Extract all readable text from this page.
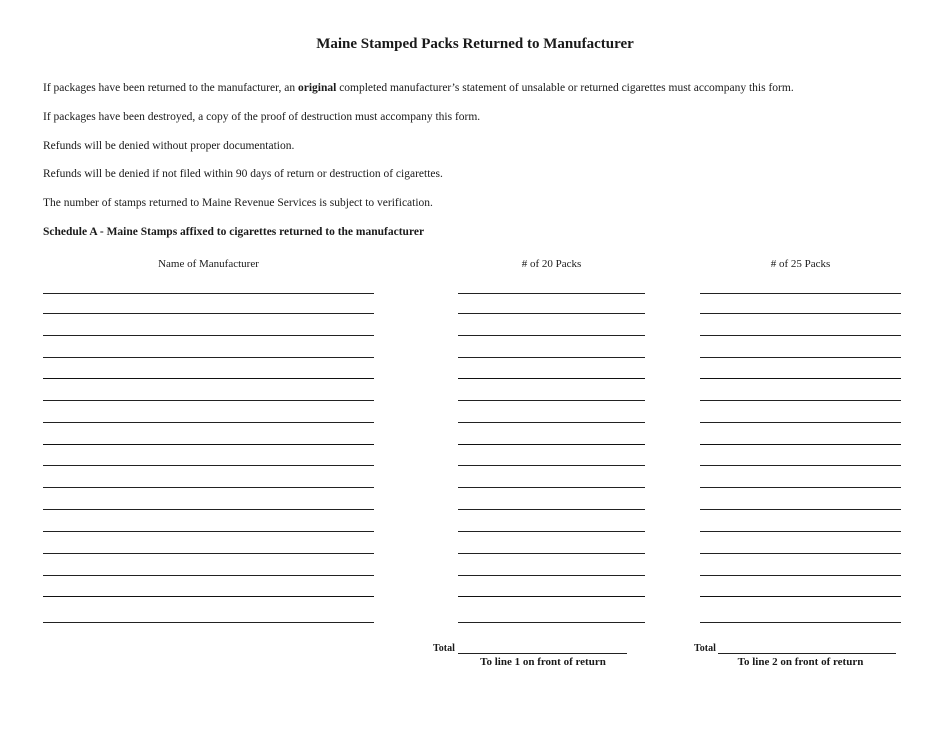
Maine Stamped Packs Returned to Manufacturer
If packages have been returned to the manufacturer, an original completed manufacturer’s statement of unsalable or returned cigarettes must accompany this form.
If packages have been destroyed, a copy of the proof of destruction must accompany this form.
Refunds will be denied without proper documentation.
Refunds will be denied if not filed within 90 days of return or destruction of cigarettes.
The number of stamps returned to Maine Revenue Services is subject to verification.
Schedule A - Maine Stamps affixed to cigarettes returned to the manufacturer
Name of Manufacturer	# of 20 Packs	# of 25 Packs
Total
To line 1 on front of return
Total
To line 2 on front of return
